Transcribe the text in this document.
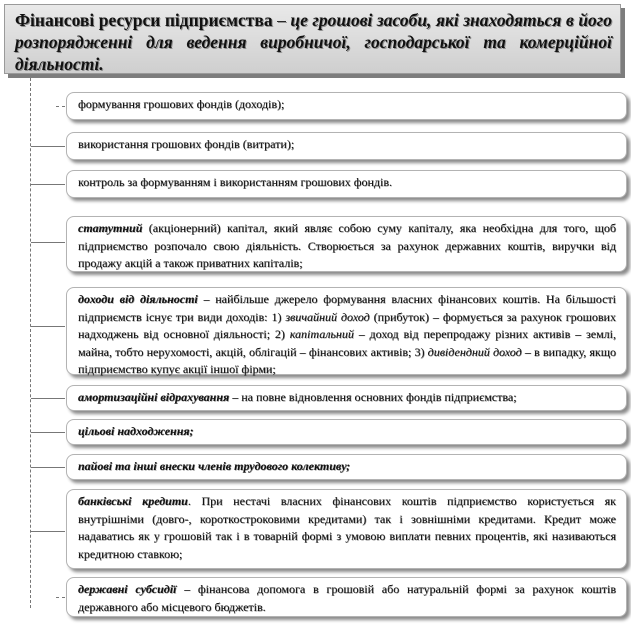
Фінансові ресурси підприємства – це грошові засоби, які знаходяться в його розпорядженні для ведення виробничої, господарської та комерційної діяльності.
формування грошових фондів (доходів);
використання грошових фондів (витрати);
контроль за формуванням і використанням грошових фондів.
статутний (акціонерний) капітал, який являє собою суму капіталу, яка необхідна для того, щоб підприємство розпочало свою діяльність. Створюється за рахунок державних коштів, виручки від продажу акцій а також приватних капіталів;
доходи від діяльності – найбільше джерело формування власних фінансових коштів. На більшості підприємств існує три види доходів: 1) звичайний доход (прибуток) – формується за рахунок грошових надходжень від основної діяльності; 2) капітальний – доход від перепродажу різних активів – землі, майна, тобто нерухомості, акцій, облігацій – фінансових активів; 3) дивідендний доход – в випадку, якщо підприємство купує акції іншої фірми;
амортизаційні відрахування – на повне відновлення основних фондів підприємства;
цільові надходження;
пайові та інші внески членів трудового колективу;
банківські кредити. При нестачі власних фінансових коштів підприємство користується як внутрішніми (довго-, короткостроковими кредитами) так і зовнішніми кредитами. Кредит може надаватись як у грошовій так і в товарній формі з умовою виплати певних процентів, які називаються кредитною ставкою;
державні субсидії – фінансова допомога в грошовій або натуральній формі за рахунок коштів державного або місцевого бюджетів.
